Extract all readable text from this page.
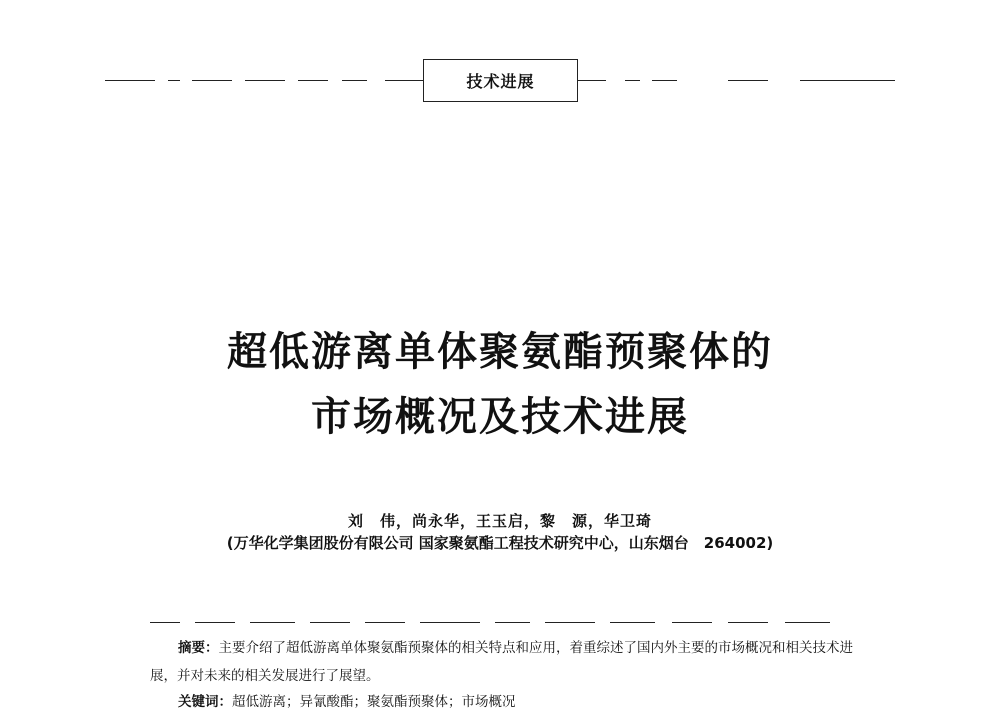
技术进展
超低游离单体聚氨酯预聚体的
市场概况及技术进展
刘　伟，尚永华，王玉启，黎　源，华卫琦
(万华化学集团股份有限公司 国家聚氨酯工程技术研究中心，山东烟台　264002)
摘要：主要介绍了超低游离单体聚氨酯预聚体的相关特点和应用，着重综述了国内外主要的市场概况和相关技术进展，并对未来的相关发展进行了展望。
关键词：超低游离；异氰酸酯；聚氨酯预聚体；市场概况
